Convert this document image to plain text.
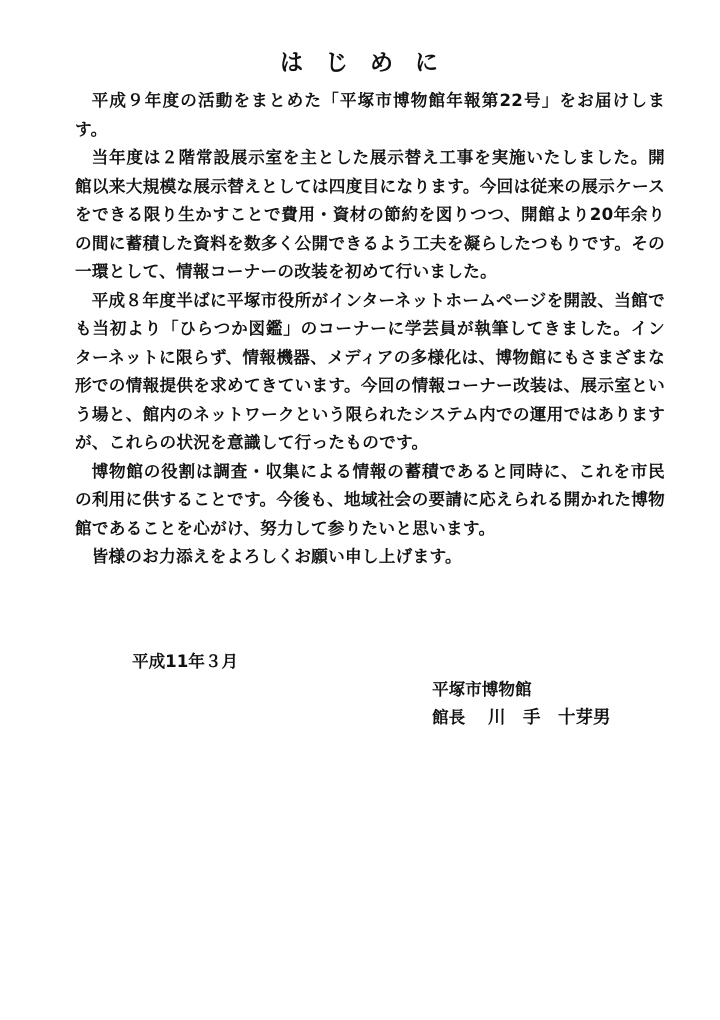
はじめに

平成９年度の活動をまとめた「平塚市博物館年報第22号」をお届けします。

当年度は２階常設展示室を主とした展示替え工事を実施いたしました。開館以来大規模な展示替えとしては四度目になります。今回は従来の展示ケースをできる限り生かすことで費用・資材の節約を図りつつ、開館より20年余りの間に蓄積した資料を数多く公開できるよう工夫を凝らしたつもりです。その一環として、情報コーナーの改装を初めて行いました。

平成８年度半ばに平塚市役所がインターネットホームページを開設、当館でも当初より「ひらつか図鑑」のコーナーに学芸員が執筆してきました。インターネットに限らず、情報機器、メディアの多様化は、博物館にもさまざまな形での情報提供を求めてきています。今回の情報コーナー改装は、展示室という場と、館内のネットワークという限られたシステム内での運用ではありますが、これらの状況を意識して行ったものです。

博物館の役割は調査・収集による情報の蓄積であると同時に、これを市民の利用に供することです。今後も、地域社会の要請に応えられる開かれた博物館であることを心がけ、努力して参りたいと思います。

皆様のお力添えをよろしくお願い申し上げます。

平成11年３月

平塚市博物館

館長 川　手　十芽男
